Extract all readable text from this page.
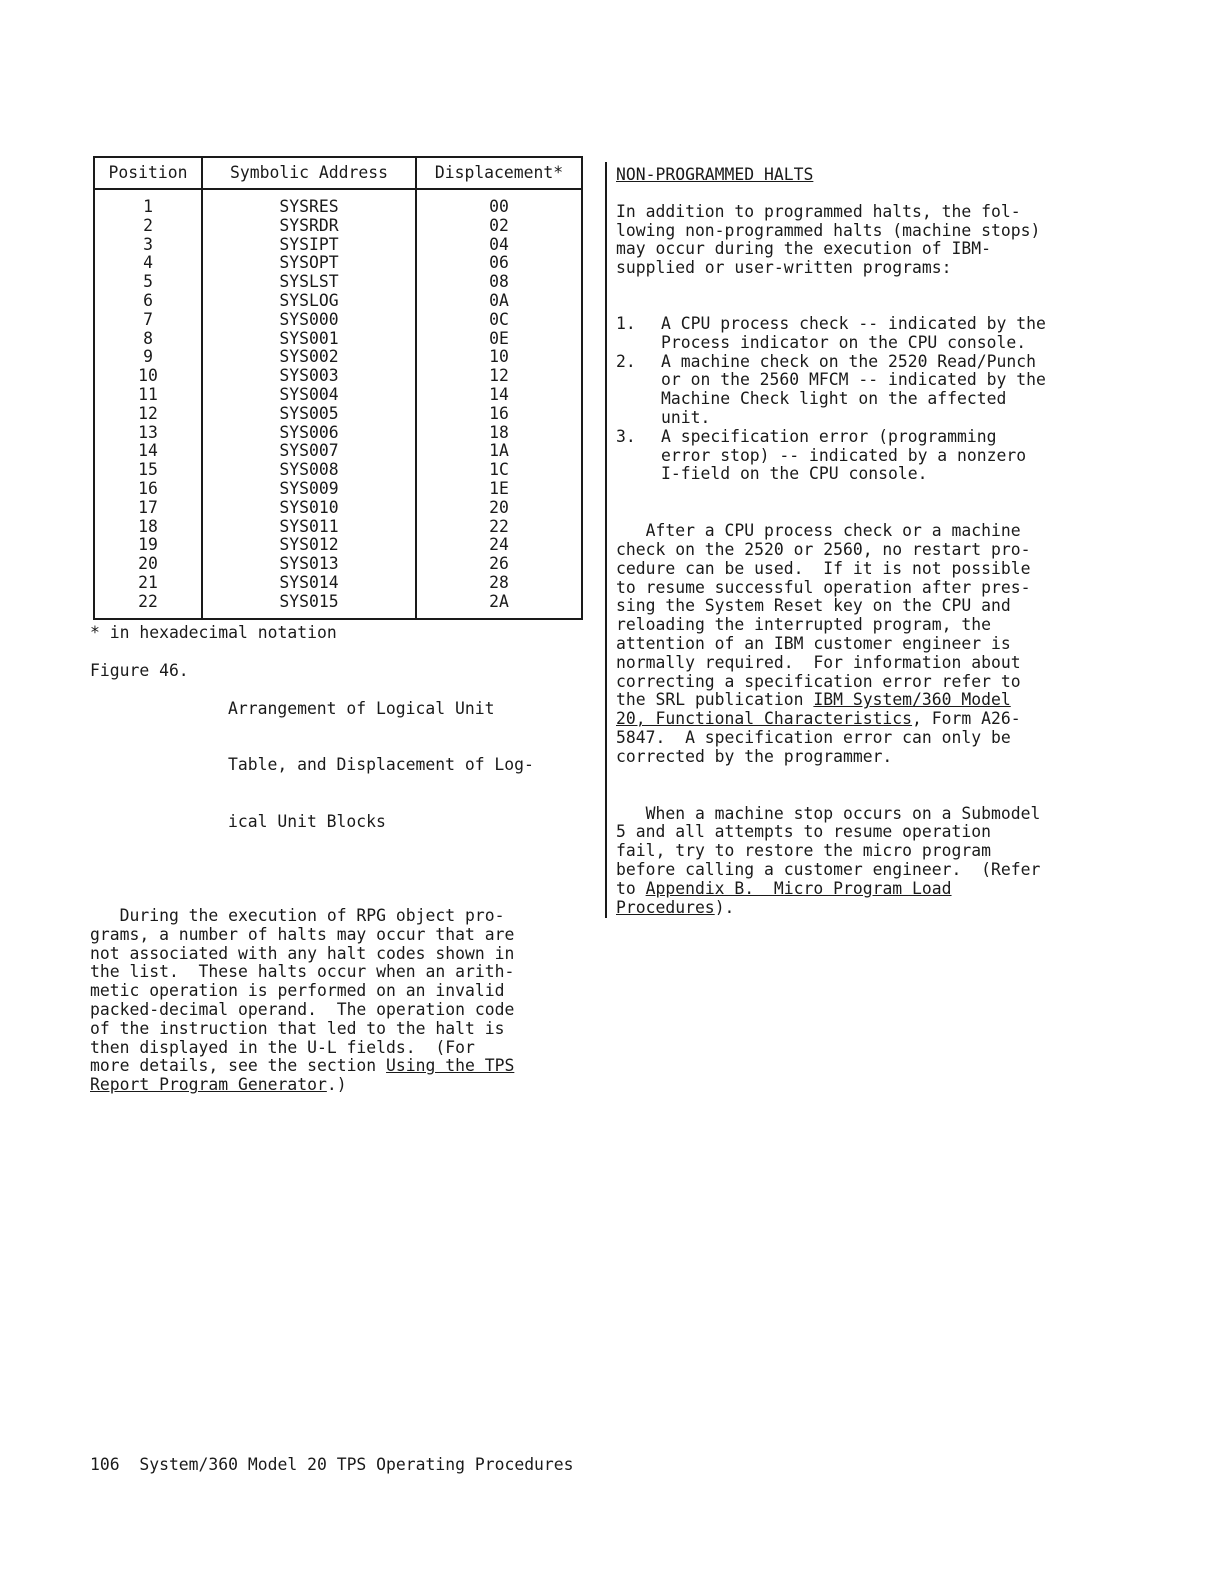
Position	Symbolic Address	Displacement*
1	SYSRES	00
2	SYSRDR	02
3	SYSIPT	04
4	SYSOPT	06
5	SYSLST	08
6	SYSLOG	0A
7	SYS000	0C
8	SYS001	0E
9	SYS002	10
10	SYS003	12
11	SYS004	14
12	SYS005	16
13	SYS006	18
14	SYS007	1A
15	SYS008	1C
16	SYS009	1E
17	SYS010	20
18	SYS011	22
19	SYS012	24
20	SYS013	26
21	SYS014	28
22	SYS015	2A
* in hexadecimal notation
Figure 46.

Arrangement of Logical Unit

Table, and Displacement of Log-

ical Unit Blocks

During the execution of RPG object pro-
grams, a number of halts may occur that are
not associated with any halt codes shown in
the list.  These halts occur when an arith-
metic operation is performed on an invalid
packed-decimal operand.  The operation code
of the instruction that led to the halt is
then displayed in the U-L fields.  (For
more details, see the section Using the TPS
Report Program Generator.)
NON-PROGRAMMED HALTS
In addition to programmed halts, the fol-
lowing non-programmed halts (machine stops)
may occur during the execution of IBM-
supplied or user-written programs:
1.	A CPU process check -- indicated by the
Process indicator on the CPU console.
2.	A machine check on the 2520 Read/Punch
or on the 2560 MFCM -- indicated by the
Machine Check light on the affected
unit.
3.	A specification error (programming
error stop) -- indicated by a nonzero
I-field on the CPU console.
After a CPU process check or a machine
check on the 2520 or 2560, no restart pro-
cedure can be used.  If it is not possible
to resume successful operation after pres-
sing the System Reset key on the CPU and
reloading the interrupted program, the
attention of an IBM customer engineer is
normally required.  For information about
correcting a specification error refer to
the SRL publication IBM System/360 Model
20, Functional Characteristics, Form A26-
5847.  A specification error can only be
corrected by the programmer.
When a machine stop occurs on a Submodel
5 and all attempts to resume operation
fail, try to restore the micro program
before calling a customer engineer.  (Refer
to Appendix B.  Micro Program Load
Procedures).
106  System/360 Model 20 TPS Operating Procedures
